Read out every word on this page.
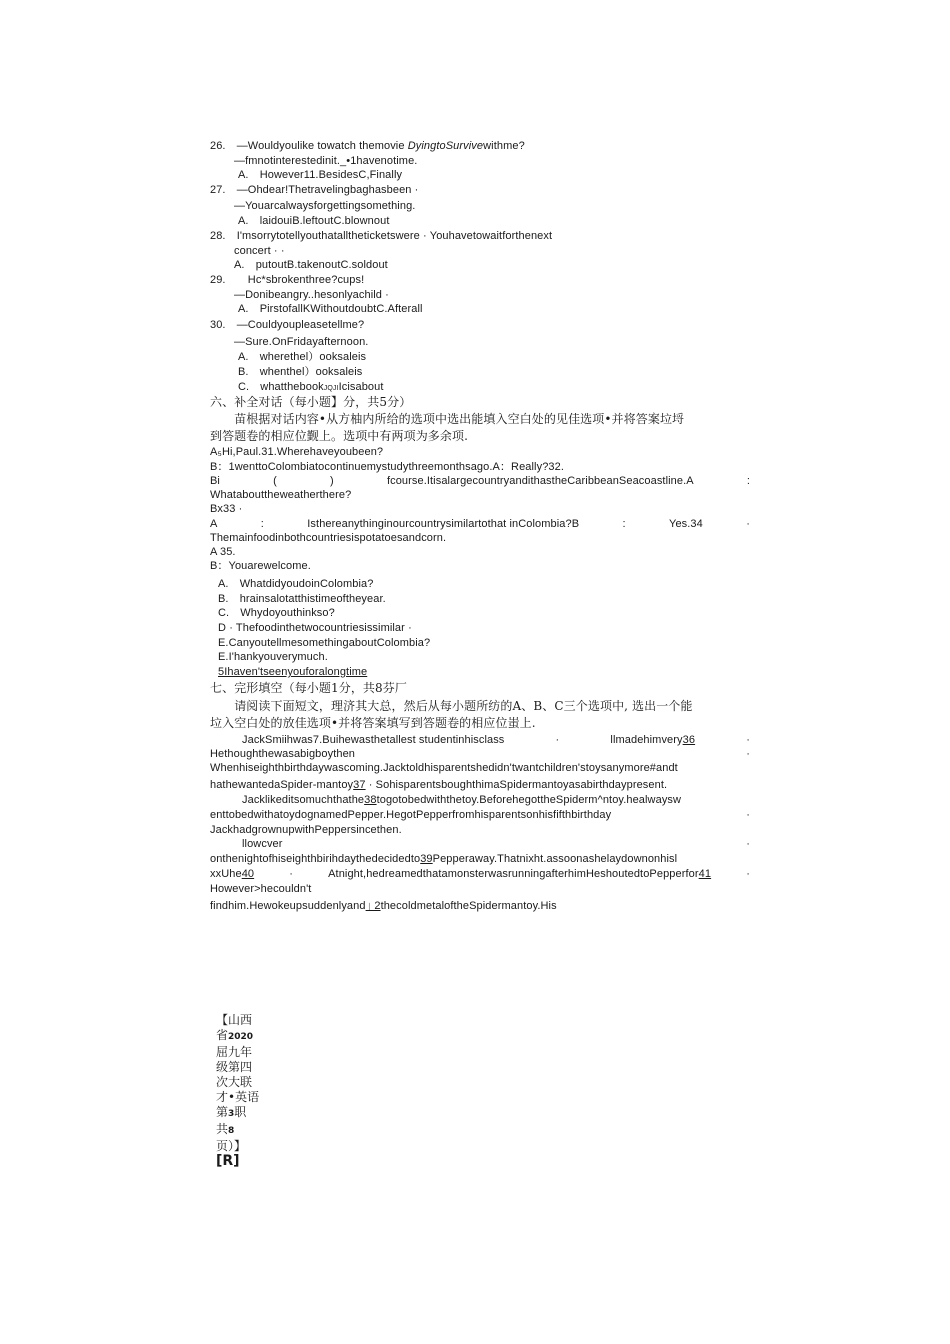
26.　—Wouldyoulike towatch themovie DyingtoSurvivewithme?
—fmnotinterestedinit._•1havenotime.
A.　However11.BesidesC,Finally
27.　—Ohdear!Thetravelingbaghasbeen ·
—Youarcalwaysforgettingsomething.
A.　laidouiB.leftoutC.blownout
28.　I'msorrytotellyouthatalltheticketswere · Youhavetowaitforthenext
concert · ·
A.　putoutB.takenoutC.soldout
29.　　Hc*sbrokenthree?cups!
—Donibeangry..hesonlyachild ·
A.　PirstofallKWithoutdoubtC.Afterall
30.　—Couldyoupleasetellme?
—Sure.OnFridayafternoon.
A.　wherethel）ooksaleis
B.　whenthel）ooksaleis
C.　whatthebookJQJIIcisabout
六、补全对话（每小题】分，共5分）
　　苗根据对话内容•从方柚内所给的选项中选出能填入空白处的见佳选项•并将答案垃埒
到答题卷的相应位觐上。选项中有两项为多余项.
A₅Hi,Paul.31.Wherehaveyoubeen?
B：1wenttoColombiatocontinuemystudythreemonthsago.A：Really?32.
Bi	(	)	fcourse.ItisalargecountryandithastheCaribbeanSeacoastline.A	:
Whatabouttheweatherthere?
Bx33 ·
A	:	Isthereanythinginourcountrysimilartothat inColombia?B	:	Yes.34	·
Themainfoodinbothcountriesispotatoesandcorn.
A 35.
B：Youarewelcome.
A.　WhatdidyoudoinColombia?
B.　hrainsalotatthistimeoftheyear.
C.　Whydoyouthinkso?
D · Thefoodinthetwocountriesissimilar ·
E.CanyoutellmesomethingaboutColombia?
E.I'hankyouverymuch.
5Ihaven'tseenyouforalongtime
七、完形填空（每小题1分，共8芬厂
　　请阅读下面短文，理济其大总，然后从每小题所纺的A、B、C三个选项中, 选出一个能
垃入空白处的放佳选项•并将答案填写到答题卷的相应位蚩上.
JackSmiihwas7.Buihewasthetallest studentinhisclass	·	llmadehimvery36	·
Hethoughthewasabigboythen	·
Whenhiseighthbirthdaywascoming.Jacktoldhisparentshedidn'twantchildren'stoysanymore#andt
hathewantedaSpider-mantoy37 · SohisparentsboughthimaSpidermantoyasabirthdaypresent.
Jacklikeditsomuchthathe38togotobedwiththetoy.BeforehegottheSpiderm^ntoy.healwaysw
enttobedwithatoydognamedPepper.HegotPepperfromhisparentsonhisfifthbirthday	·
JackhadgrownupwithPeppersincethen.
llowcver	·
onthenightofhiseighthbirihdaythedecidedto39Pepperaway.Thatnixht.assoonashelaydownonhisl
xxUhe40	·	Atnight,hedreamedthatamonsterwasrunningafterhimHeshoutedtoPepperfor41	·
However>hecouldn't
findhim.Hewokeupsuddenlyand｣ 2thecoldmetaloftheSpidermantoy.His
【山西
省2020
屈九年
级第四
次大联
才•英语
第3职
共8
页）】
[R]
